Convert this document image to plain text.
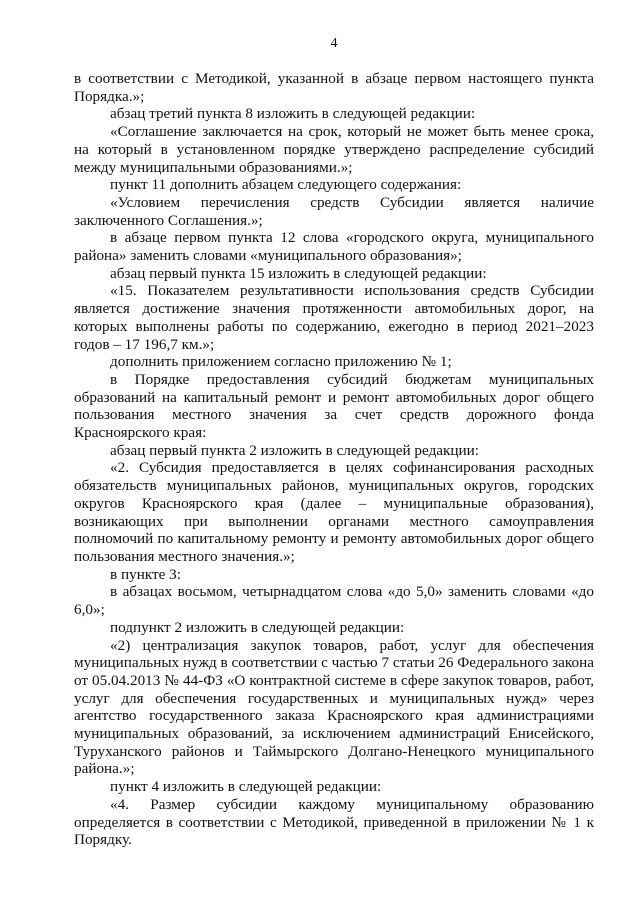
4

в соответствии с Методикой, указанной в абзаце первом настоящего пункта Порядка.»;

абзац третий пункта 8 изложить в следующей редакции:

«Соглашение заключается на срок, который не может быть менее срока, на который в установленном порядке утверждено распределение субсидий между муниципальными образованиями.»;

пункт 11 дополнить абзацем следующего содержания:

«Условием перечисления средств Субсидии является наличие заключенного Соглашения.»;

в абзаце первом пункта 12 слова «городского округа, муниципального района» заменить словами «муниципального образования»;

абзац первый пункта 15 изложить в следующей редакции:

«15. Показателем результативности использования средств Субсидии является достижение значения протяженности автомобильных дорог, на которых выполнены работы по содержанию, ежегодно в период 2021–2023 годов – 17 196,7 км.»;

дополнить приложением согласно приложению № 1;

в Порядке предоставления субсидий бюджетам муниципальных образований на капитальный ремонт и ремонт автомобильных дорог общего пользования местного значения за счет средств дорожного фонда Красноярского края:

абзац первый пункта 2 изложить в следующей редакции:

«2. Субсидия предоставляется в целях софинансирования расходных обязательств муниципальных районов, муниципальных округов, городских округов Красноярского края (далее – муниципальные образования), возникающих при выполнении органами местного самоуправления полномочий по капитальному ремонту и ремонту автомобильных дорог общего пользования местного значения.»;

в пункте 3:

в абзацах восьмом, четырнадцатом слова «до 5,0» заменить словами «до 6,0»;

подпункт 2 изложить в следующей редакции:

«2) централизация закупок товаров, работ, услуг для обеспечения муниципальных нужд в соответствии с частью 7 статьи 26 Федерального закона от 05.04.2013 № 44-ФЗ «О контрактной системе в сфере закупок товаров, работ, услуг для обеспечения государственных и муниципальных нужд» через агентство государственного заказа Красноярского края администрациями муниципальных образований, за исключением администраций Енисейского, Туруханского районов и Таймырского Долгано-Ненецкого муниципального района.»;

пункт 4 изложить в следующей редакции:

«4. Размер субсидии каждому муниципальному образованию определяется в соответствии с Методикой, приведенной в приложении № 1 к Порядку.
